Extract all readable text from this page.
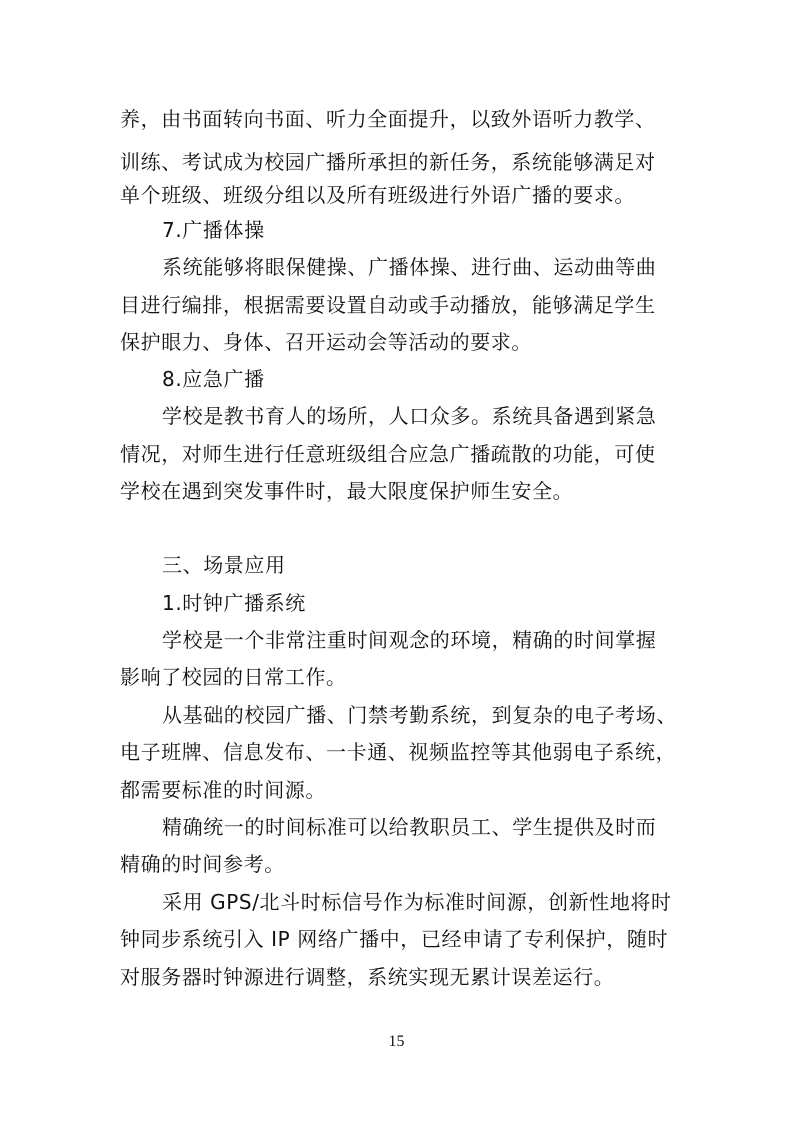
养，由书面转向书面、听力全面提升，以致外语听力教学、
训练、考试成为校园广播所承担的新任务，系统能够满足对
单个班级、班级分组以及所有班级进行外语广播的要求。
7.广播体操
系统能够将眼保健操、广播体操、进行曲、运动曲等曲
目进行编排，根据需要设置自动或手动播放，能够满足学生
保护眼力、身体、召开运动会等活动的要求。
8.应急广播
学校是教书育人的场所，人口众多。系统具备遇到紧急
情况，对师生进行任意班级组合应急广播疏散的功能，可使
学校在遇到突发事件时，最大限度保护师生安全。
三、场景应用
1.时钟广播系统
学校是一个非常注重时间观念的环境，精确的时间掌握
影响了校园的日常工作。
从基础的校园广播、门禁考勤系统，到复杂的电子考场、
电子班牌、信息发布、一卡通、视频监控等其他弱电子系统，
都需要标准的时间源。
精确统一的时间标准可以给教职员工、学生提供及时而
精确的时间参考。
采用 GPS/北斗时标信号作为标准时间源，创新性地将时
钟同步系统引入 IP 网络广播中，已经申请了专利保护，随时
对服务器时钟源进行调整，系统实现无累计误差运行。
15
